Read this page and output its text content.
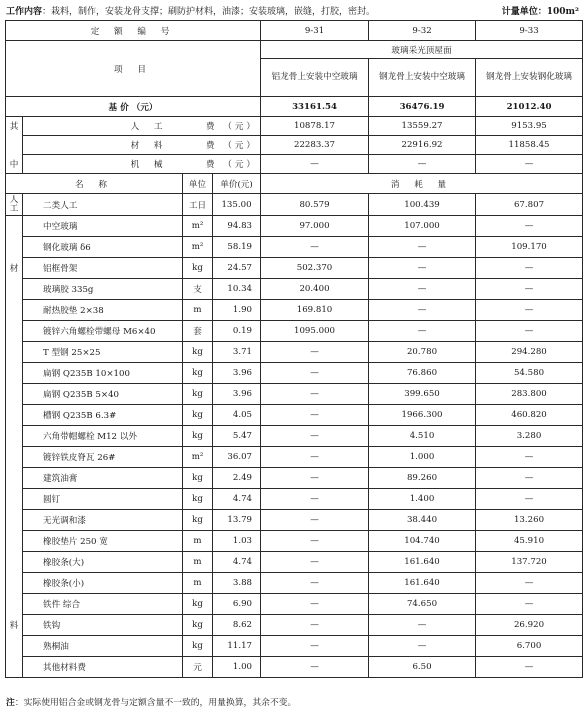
工作内容：栽料，制作，安装龙骨支撑；刷防护材料，油漆；安装玻璃，嵌缝，打胶，密封。	计量单位：100m²
定 额 编 号				9-31	9-32	9-33
项 目				玻璃采光顶屋面		
				铝龙骨上安装中空玻璃	钢龙骨上安装中空玻璃	钢龙骨上安装钢化玻璃
基 价 （元）				33161.54	36476.19	21012.40
其	人 工	费 （元）		10878.17	13559.27	9153.95
	材 料	费 （元）		22283.37	22916.92	11858.45
中	机 械	费 （元）		—	—	—
名 称		单位	单价(元)	消 耗 量		
人
工	二类人工	工日	135.00	80.579	100.439	67.807
	中空玻璃	m²	94.83	97.000	107.000	—
	钢化玻璃 δ6	m²	58.19	—	—	109.170
材	铝框骨架	kg	24.57	502.370	—	—
	玻璃胶 335g	支	10.34	20.400	—	—
	耐热胶垫 2×38	m	1.90	169.810	—	—
	镀锌六角螺栓带螺母 M6×40	套	0.19	1095.000	—	—
	T 型钢 25×25	kg	3.71	—	20.780	294.280
	扁钢 Q235B 10×100	kg	3.96	—	76.860	54.580
	扁钢 Q235B 5×40	kg	3.96	—	399.650	283.800
	槽钢 Q235B 6.3#	kg	4.05	—	1966.300	460.820
	六角带帽螺栓 M12 以外	kg	5.47	—	4.510	3.280
	镀锌铁皮脊瓦 26#	m²	36.07	—	1.000	—
	建筑油膏	kg	2.49	—	89.260	—
	圆钉	kg	4.74	—	1.400	—
	无光调和漆	kg	13.79	—	38.440	13.260
	橡胶垫片 250 宽	m	1.03	—	104.740	45.910
	橡胶条(大)	m	4.74	—	161.640	137.720
	橡胶条(小)	m	3.88	—	161.640	—
	铁件 综合	kg	6.90	—	74.650	—
料	铁钩	kg	8.62	—	—	26.920
	熟桐油	kg	11.17	—	—	6.700
	其他材料费	元	1.00	—	6.50	—
注：实际使用铝合金或钢龙骨与定额含量不一致的，用量换算，其余不变。
